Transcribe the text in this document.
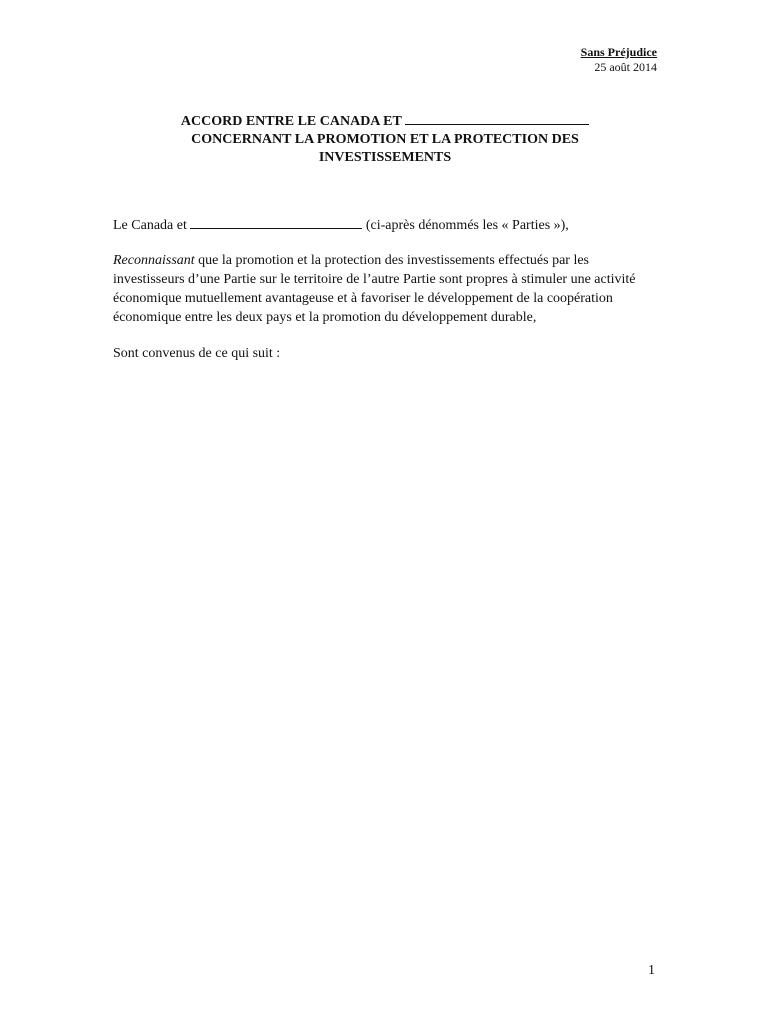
Sans Préjudice
25 août 2014
ACCORD ENTRE LE CANADA ET
CONCERNANT LA PROMOTION ET LA PROTECTION DES
INVESTISSEMENTS
Le Canada et	(ci-après dénommés les « Parties »),
Reconnaissant que la promotion et la protection des investissements effectués par les investisseurs d’une Partie sur le territoire de l’autre Partie sont propres à stimuler une activité économique mutuellement avantageuse et à favoriser le développement de la coopération économique entre les deux pays et la promotion du développement durable,
Sont convenus de ce qui suit :
1
